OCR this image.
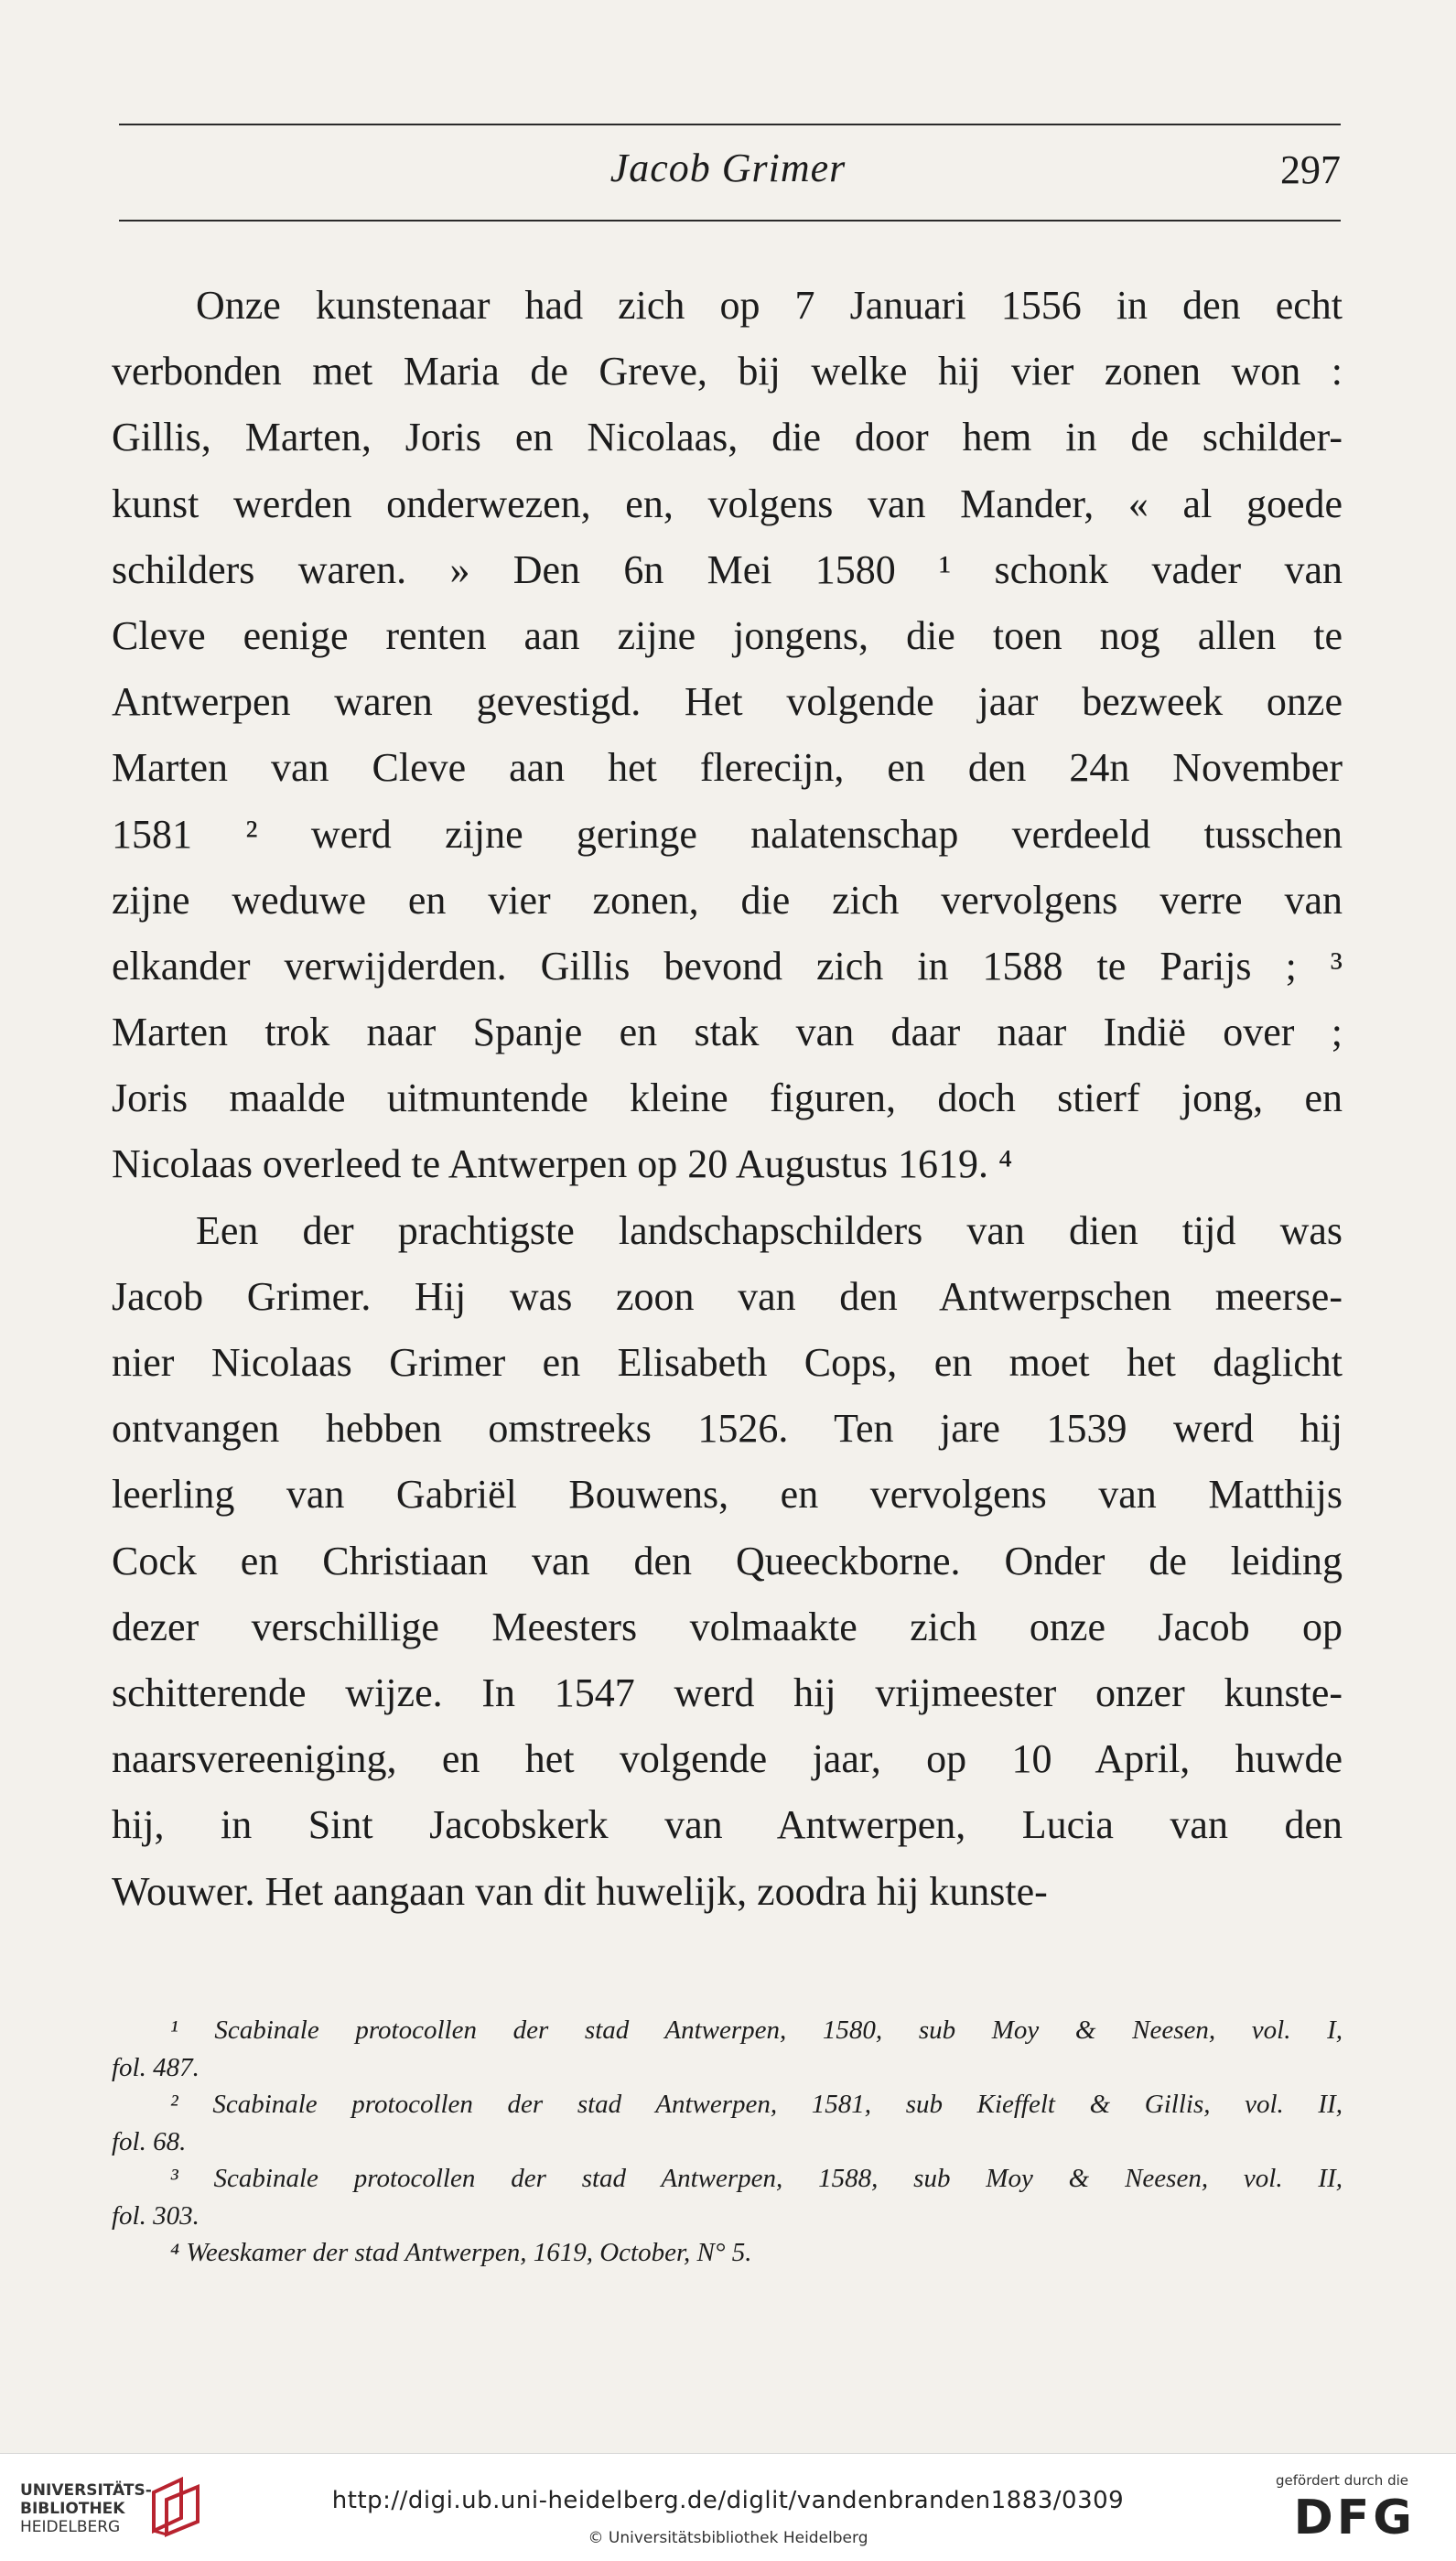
Jacob Grimer	297
Onze kunstenaar had zich op 7 Januari 1556 in den echt
verbonden met Maria de Greve, bij welke hij vier zonen won :
Gillis, Marten, Joris en Nicolaas, die door hem in de schilder-
kunst werden onderwezen, en, volgens van Mander, « al goede
schilders waren. » Den 6n Mei 1580 ¹ schonk vader van
Cleve eenige renten aan zijne jongens, die toen nog allen te
Antwerpen waren gevestigd. Het volgende jaar bezweek onze
Marten van Cleve aan het flerecijn, en den 24n November
1581 ² werd zijne geringe nalatenschap verdeeld tusschen
zijne weduwe en vier zonen, die zich vervolgens verre van
elkander verwijderden. Gillis bevond zich in 1588 te Parijs ; ³
Marten trok naar Spanje en stak van daar naar Indië over ;
Joris maalde uitmuntende kleine figuren, doch stierf jong, en
Nicolaas overleed te Antwerpen op 20 Augustus 1619. ⁴
Een der prachtigste landschapschilders van dien tijd was
Jacob Grimer. Hij was zoon van den Antwerpschen meerse-
nier Nicolaas Grimer en Elisabeth Cops, en moet het daglicht
ontvangen hebben omstreeks 1526. Ten jare 1539 werd hij
leerling van Gabriël Bouwens, en vervolgens van Matthijs
Cock en Christiaan van den Queeckborne. Onder de leiding
dezer verschillige Meesters volmaakte zich onze Jacob op
schitterende wijze. In 1547 werd hij vrijmeester onzer kunste-
naarsvereeniging, en het volgende jaar, op 10 April, huwde
hij, in Sint Jacobskerk van Antwerpen, Lucia van den
Wouwer. Het aangaan van dit huwelijk, zoodra hij kunste-
¹ Scabinale protocollen der stad Antwerpen, 1580, sub Moy & Neesen, vol. I,
fol. 487.
² Scabinale protocollen der stad Antwerpen, 1581, sub Kieffelt & Gillis, vol. II,
fol. 68.
³ Scabinale protocollen der stad Antwerpen, 1588, sub Moy & Neesen, vol. II,
fol. 303.
⁴ Weeskamer der stad Antwerpen, 1619, October, N° 5.
UNIVERSITÄTS-
BIBLIOTHEK
HEIDELBERG
http://digi.ub.uni-heidelberg.de/diglit/vandenbranden1883/0309
© Universitätsbibliothek Heidelberg
gefördert durch die
DFG
